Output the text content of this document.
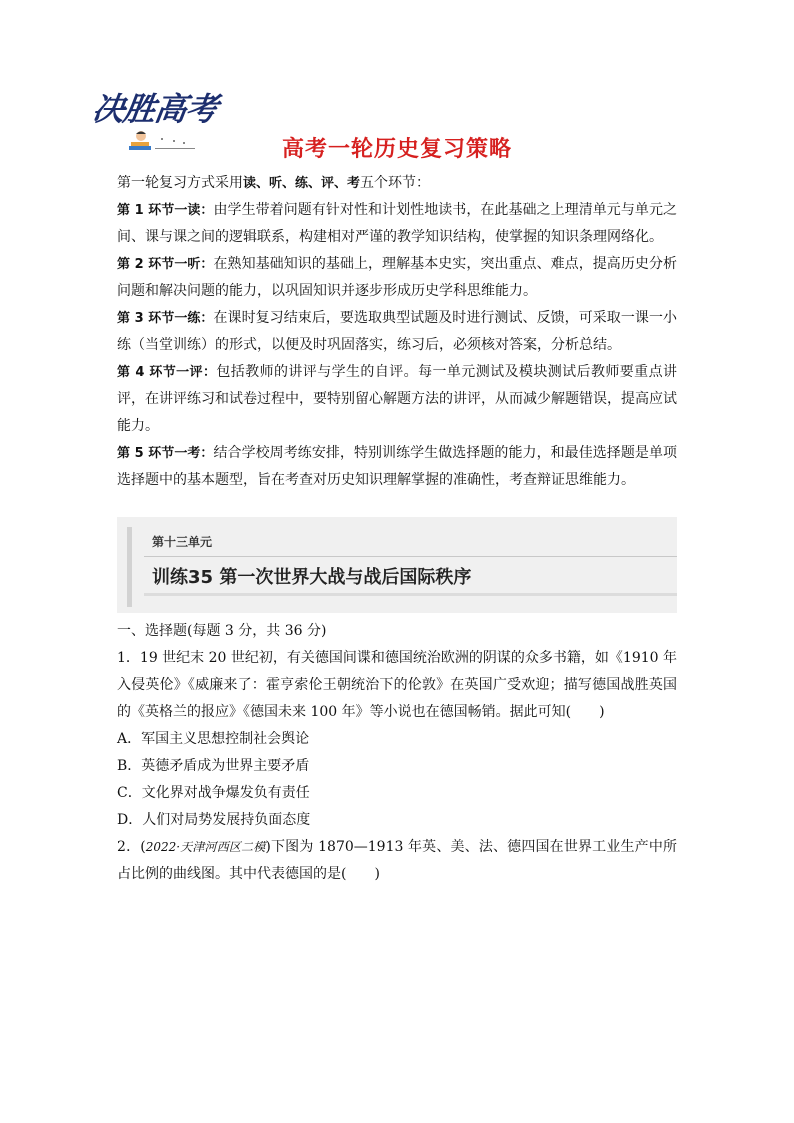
决胜高考
高考一轮历史复习策略

第一轮复习方式采用读、听、练、评、考五个环节：

第 1 环节一读：由学生带着问题有针对性和计划性地读书，在此基础之上理清单元与单元之间、课与课之间的逻辑联系，构建相对严谨的教学知识结构，使掌握的知识条理网络化。

第 2 环节一听：在熟知基础知识的基础上，理解基本史实，突出重点、难点，提高历史分析问题和解决问题的能力，以巩固知识并逐步形成历史学科思维能力。

第 3 环节一练：在课时复习结束后，要选取典型试题及时进行测试、反馈，可采取一课一小练（当堂训练）的形式，以便及时巩固落实，练习后，必须核对答案，分析总结。

第 4 环节一评：包括教师的讲评与学生的自评。每一单元测试及模块测试后教师要重点讲评，在讲评练习和试卷过程中，要特别留心解题方法的讲评，从而减少解题错误，提高应试能力。

第 5 环节一考：结合学校周考练安排，特别训练学生做选择题的能力，和最佳选择题是单项选择题中的基本题型，旨在考查对历史知识理解掌握的准确性，考查辩证思维能力。

第十三单元
训练35 第一次世界大战与战后国际秩序

一、选择题(每题 3 分，共 36 分)

1．19 世纪末 20 世纪初，有关德国间谍和德国统治欧洲的阴谋的众多书籍，如《1910 年入侵英伦》《威廉来了：霍亨索伦王朝统治下的伦敦》在英国广受欢迎；描写德国战胜英国的《英格兰的报应》《德国未来 100 年》等小说也在德国畅销。据此可知(　　)

A．军国主义思想控制社会舆论

B．英德矛盾成为世界主要矛盾

C．文化界对战争爆发负有责任

D．人们对局势发展持负面态度

2．(2022·天津河西区二模)下图为 1870—1913 年英、美、法、德四国在世界工业生产中所占比例的曲线图。其中代表德国的是(　　)
